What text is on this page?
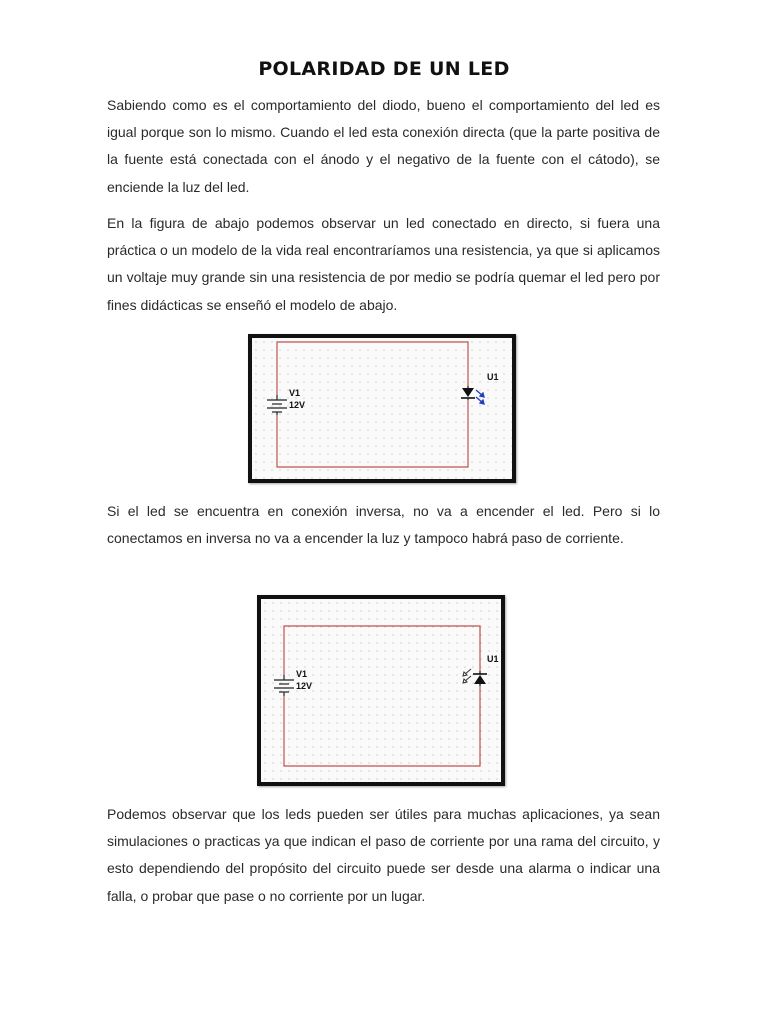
POLARIDAD DE UN LED

Sabiendo como es el comportamiento del diodo, bueno el comportamiento del led es igual porque son lo mismo. Cuando el led esta conexión directa (que la parte positiva de la fuente está conectada con el ánodo y el negativo de la fuente con el cátodo), se enciende la luz del led.

En la figura de abajo podemos observar un led conectado en directo, si fuera una práctica o un modelo de la vida real encontraríamos una resistencia, ya que si aplicamos un voltaje muy grande sin una resistencia de por medio se podría quemar el led pero por fines didácticas se enseñó el modelo de abajo.

V1
12V
U1

Si el led se encuentra en conexión inversa, no va a encender el led. Pero si lo conectamos en inversa no va a encender la luz y tampoco habrá paso de corriente.

V1
12V
U1

Podemos observar que los leds pueden ser útiles para muchas aplicaciones, ya sean simulaciones o practicas ya que indican el paso de corriente por una rama del circuito, y esto dependiendo del propósito del circuito puede ser desde una alarma o indicar una falla, o probar que pase o no corriente por un lugar.
